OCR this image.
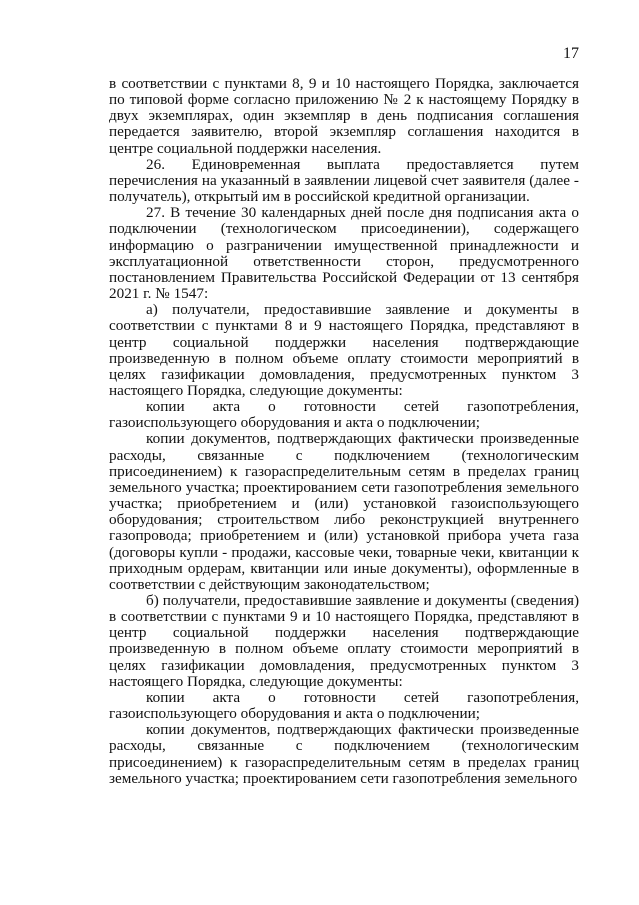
17

в соответствии с пунктами 8, 9 и 10 настоящего Порядка, заключается по типовой форме согласно приложению № 2 к настоящему Порядку в двух экземплярах, один экземпляр в день подписания соглашения передается заявителю, второй экземпляр соглашения находится в центре социальной поддержки населения.

26. Единовременная выплата предоставляется путем перечисления на указанный в заявлении лицевой счет заявителя (далее - получатель), открытый им в российской кредитной организации.

27. В течение 30 календарных дней после дня подписания акта о подключении (технологическом присоединении), содержащего информацию о разграничении имущественной принадлежности и эксплуатационной ответственности сторон, предусмотренного постановлением Правительства Российской Федерации от 13 сентября 2021 г. № 1547:

а) получатели, предоставившие заявление и документы в соответствии с пунктами 8 и 9 настоящего Порядка, представляют в центр социальной поддержки населения подтверждающие произведенную в полном объеме оплату стоимости мероприятий в целях газификации домовладения, предусмотренных пунктом 3 настоящего Порядка, следующие документы:

копии акта о готовности сетей газопотребления, газоиспользующего оборудования и акта о подключении;

копии документов, подтверждающих фактически произведенные расходы, связанные с подключением (технологическим присоединением) к газораспределительным сетям в пределах границ земельного участка; проектированием сети газопотребления земельного участка; приобретением и (или) установкой газоиспользующего оборудования; строительством либо реконструкцией внутреннего газопровода; приобретением и (или) установкой прибора учета газа (договоры купли - продажи, кассовые чеки, товарные чеки, квитанции к приходным ордерам, квитанции или иные документы), оформленные в соответствии с действующим законодательством;

б) получатели, предоставившие заявление и документы (сведения) в соответствии с пунктами 9 и 10 настоящего Порядка, представляют в центр социальной поддержки населения подтверждающие произведенную в полном объеме оплату стоимости мероприятий в целях газификации домовладения, предусмотренных пунктом 3 настоящего Порядка, следующие документы:

копии акта о готовности сетей газопотребления, газоиспользующего оборудования и акта о подключении;

копии документов, подтверждающих фактически произведенные расходы, связанные с подключением (технологическим присоединением) к газораспределительным сетям в пределах границ земельного участка; проектированием сети газопотребления земельного
